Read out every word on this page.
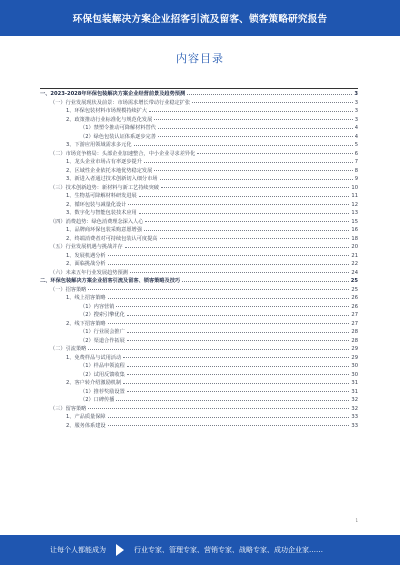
环保包装解决方案企业招客引流及留客、锁客策略研究报告
内容目录
一、2023-2028年环保包装解决方案企业经营前景及趋势预测	3
（一）行业发展现状及前景：市场需求增长带动行业稳定扩张	3
1、环保包装材料市场规模持续扩大	3
2、政策推动行业标准化与规范化发展	3
（1）禁塑令推动可降解材料替代	4
（2）绿色包装认证体系逐步完善	4
3、下游应用领域需求多元化	5
（二）市场竞争格局：头部企业加速整合，中小企业寻求差异化	6
1、龙头企业市场占有率逐步提升	7
2、区域性企业依托本地优势稳定发展	8
3、新进入者通过技术创新切入细分市场	9
（三）技术创新趋势：新材料与新工艺持续突破	10
1、生物基可降解材料研发进展	11
2、循环包装与减量化设计	12
3、数字化与智能包装技术应用	13
（四）消费趋势：绿色消费理念深入人心	15
1、品牌商环保包装采购意愿增强	16
2、终端消费者对可持续包装认可度提高	18
（五）行业发展机遇与挑战并存	20
1、发展机遇分析	21
2、面临挑战分析	22
（六）未来五年行业发展趋势预测	24
二、环保包装解决方案企业招客引流及留客、锁客策略及技巧	25
（一）招客策略	25
1、线上招客策略	26
（1）内容营销	26
（2）搜索引擎优化	27
2、线下招客策略	27
（1）行业展会推广	28
（2）渠道合作拓展	28
（二）引流策略	29
1、免费样品与试用活动	29
（1）样品申领流程	30
（2）试用反馈收集	30
2、客户转介绍激励机制	31
（1）推荐奖励设置	31
（2）口碑传播	32
（三）留客策略	32
1、产品质量保障	33
2、服务体系建设	33
1
让每个人都能成为	行业专家、管理专家、营销专家、战略专家、成功企业家……
